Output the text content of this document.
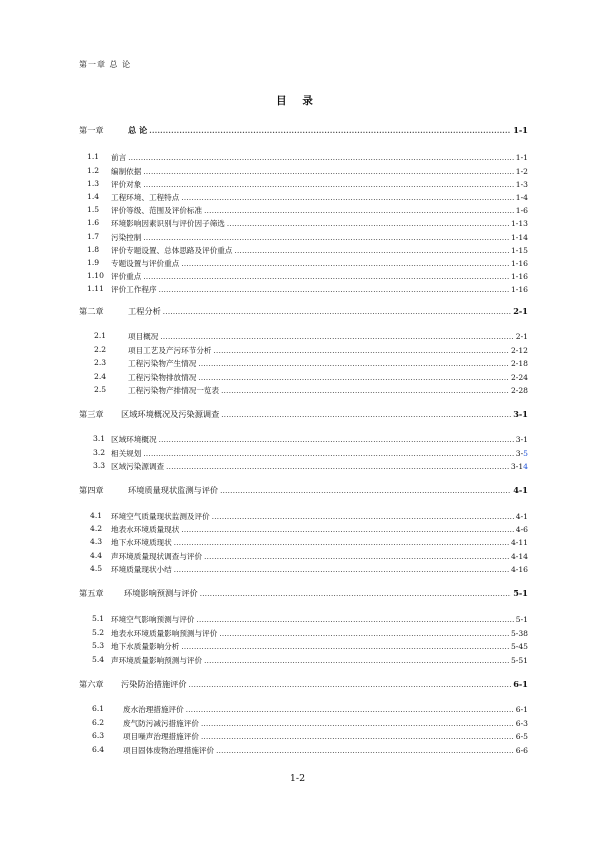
第一章 总 论
目 录
第一章	总 论 .....	1-1
1.1 前言 .....	1-1
1.2 编制依据 .....	1-2
1.3 评价对象 .....	1-3
1.4 工程环境、工程特点 .....	1-4
1.5 评价等级、范围及评价标准 .....	1-6
1.6 环境影响因素识别与评价因子筛选 .....	1-13
1.7 污染控制 .....	1-14
1.8 评价专题设置、总体思路及评价重点 .....	1-15
1.9 专题设置与评价重点 .....	1-16
1.10 评价重点 .....	1-16
1.11 评价工作程序 .....	1-16
第二章	工程分析 .....	2-1
2.1	项目概况 .....	2-1
2.2	项目工艺及产污环节分析 .....	2-12
2.3	工程污染物产生情况 .....	2-18
2.4	工程污染物排放情况 .....	2-24
2.5	工程污染物产排情况一览表 .....	2-28
第三章 区域环境概况及污染源调查 .....	3-1
3.1 区域环境概况 .....	3-1
3.2 相关规划 .....	3-5
3.3 区域污染源调查 .....	3-14
第四章	环境质量现状监测与评价 .....	4-1
4.1 环境空气质量现状监测及评价 .....	4-1
4.2 地表水环境质量现状 .....	4-6
4.3 地下水环境质现状 .....	4-11
4.4 声环境质量现状调查与评价 .....	4-14
4.5 环境质量现状小结 .....	4-16
第五章 环境影响预测与评价 .....	5-1
5.1 环境空气影响预测与评价 .....	5-1
5.2 地表水环境质量影响预测与评价 .....	5-38
5.3 地下水质量影响分析 .....	5-45
5.4 声环境质量影响预测与评价 .....	5-51
第六章 污染防治措施评价 .....	6-1
6.1 废水治理措施评价 .....	6-1
6.2 废气防污减污措施评价 .....	6-3
6.3 项目噪声治理措施评价 .....	6-5
6.4 项目固体废物治理措施评价 .....	6-6
1-2
